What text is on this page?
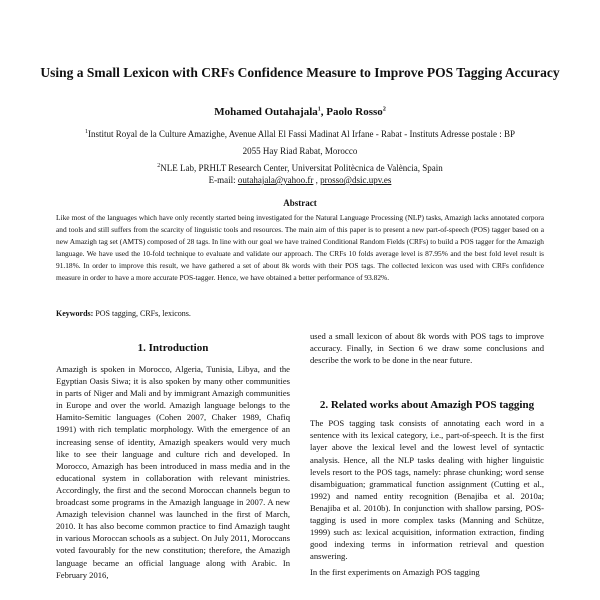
Using a Small Lexicon with CRFs Confidence Measure to Improve POS Tagging Accuracy
Mohamed Outahajala$^1$, Paolo Rosso$^2$
$^1$Institut Royal de la Culture Amazighe, Avenue Allal El Fassi Madinat Al Irfane - Rabat - Instituts Adresse postale : BP
2055 Hay Riad Rabat, Morocco
$^2$NLE Lab, PRHLT Research Center, Universitat Politècnica de València, Spain
E-mail: outahajala@yahoo.fr , prosso@dsic.upv.es
Abstract
Like most of the languages which have only recently started being investigated for the Natural Language Processing (NLP) tasks, Amazigh lacks annotated corpora and tools and still suffers from the scarcity of linguistic tools and resources. The main aim of this paper is to present a new part-of-speech (POS) tagger based on a new Amazigh tag set (AMTS) composed of 28 tags. In line with our goal we have trained Conditional Random Fields (CRFs) to build a POS tagger for the Amazigh language. We have used the 10-fold technique to evaluate and validate our approach. The CRFs 10 folds average level is 87.95% and the best fold level result is 91.18%. In order to improve this result, we have gathered a set of about 8k words with their POS tags. The collected lexicon was used with CRFs confidence measure in order to have a more accurate POS-tagger. Hence, we have obtained a better performance of 93.82%.
Keywords: POS tagging, CRFs, lexicons.
1. Introduction

Amazigh is spoken in Morocco, Algeria, Tunisia, Libya, and the Egyptian Oasis Siwa; it is also spoken by many other communities in parts of Niger and Mali and by immigrant Amazigh communities in Europe and over the world. Amazigh language belongs to the Hamito-Semitic languages (Cohen 2007, Chaker 1989, Chafiq 1991) with rich templatic morphology. With the emergence of an increasing sense of identity, Amazigh speakers would very much like to see their language and culture rich and developed. In Morocco, Amazigh has been introduced in mass media and in the educational system in collaboration with relevant ministries. Accordingly, the first and the second Moroccan channels begun to broadcast some programs in the Amazigh language in 2007. A new Amazigh television channel was launched in the first of March, 2010. It has also become common practice to find Amazigh taught in various Moroccan schools as a subject. On July 2011, Moroccans voted favourably for the new constitution; therefore, the Amazigh language became an official language along with Arabic. In February 2016,

used a small lexicon of about 8k words with POS tags to improve accuracy. Finally, in Section 6 we draw some conclusions and describe the work to be done in the near future.

2. Related works about Amazigh POS tagging

The POS tagging task consists of annotating each word in a sentence with its lexical category, i.e., part-of-speech. It is the first layer above the lexical level and the lowest level of syntactic analysis. Hence, all the NLP tasks dealing with higher linguistic levels resort to the POS tags, namely: phrase chunking; word sense disambiguation; grammatical function assignment (Cutting et al., 1992) and named entity recognition (Benajiba et al. 2010a; Benajiba et al. 2010b). In conjunction with shallow parsing, POS-tagging is used in more complex tasks (Manning and Schütze, 1999) such as: lexical acquisition, information extraction, finding good indexing terms in information retrieval and question answering.

In the first experiments on Amazigh POS tagging
